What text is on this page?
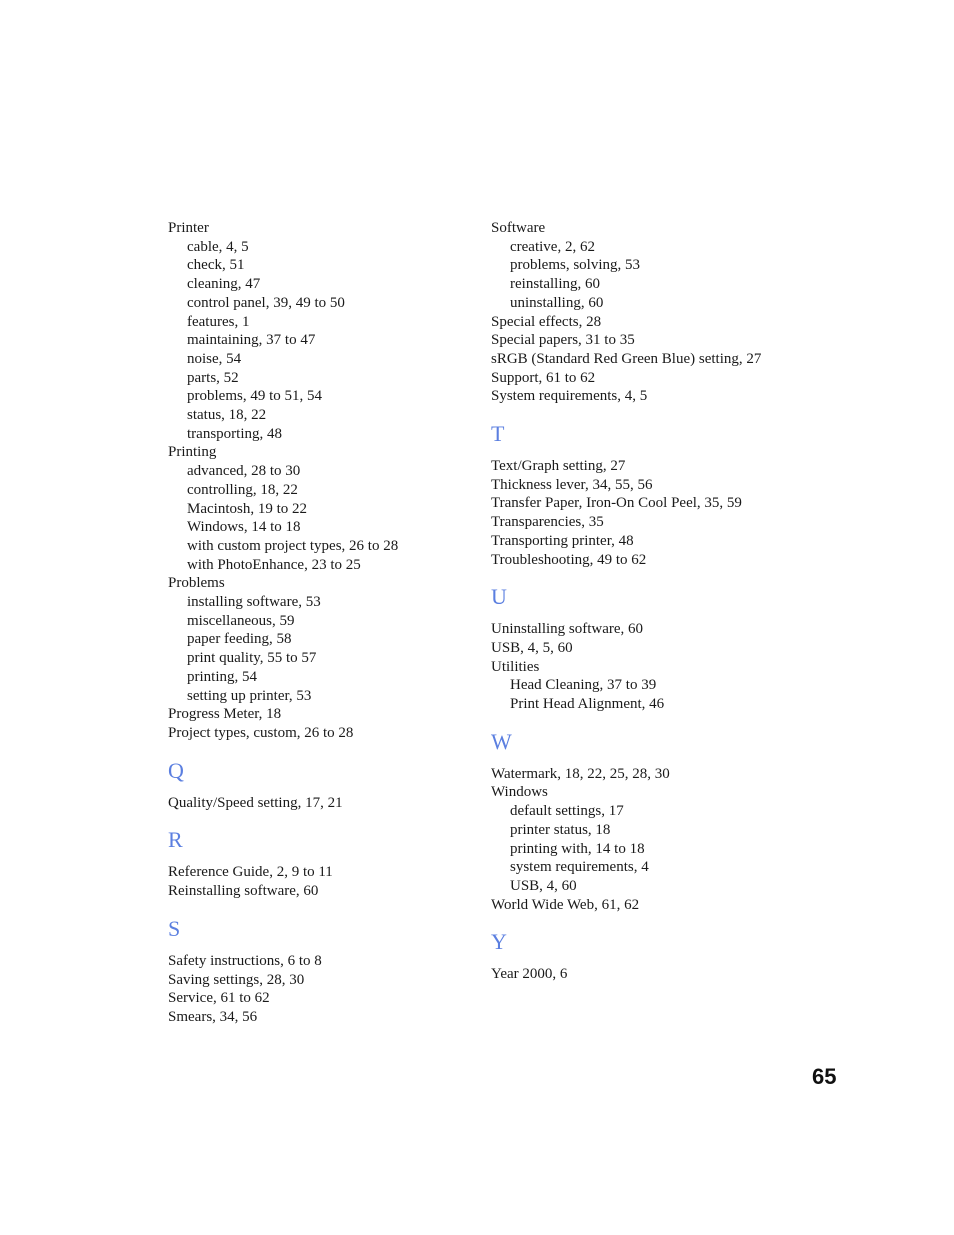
Printer
cable, 4, 5
check, 51
cleaning, 47
control panel, 39, 49 to 50
features, 1
maintaining, 37 to 47
noise, 54
parts, 52
problems, 49 to 51, 54
status, 18, 22
transporting, 48
Printing
advanced, 28 to 30
controlling, 18, 22
Macintosh, 19 to 22
Windows, 14 to 18
with custom project types, 26 to 28
with PhotoEnhance, 23 to 25
Problems
installing software, 53
miscellaneous, 59
paper feeding, 58
print quality, 55 to 57
printing, 54
setting up printer, 53
Progress Meter, 18
Project types, custom, 26 to 28
Q
Quality/Speed setting, 17, 21
R
Reference Guide, 2, 9 to 11
Reinstalling software, 60
S
Safety instructions, 6 to 8
Saving settings, 28, 30
Service, 61 to 62
Smears, 34, 56
Software
creative, 2, 62
problems, solving, 53
reinstalling, 60
uninstalling, 60
Special effects, 28
Special papers, 31 to 35
sRGB (Standard Red Green Blue) setting, 27
Support, 61 to 62
System requirements, 4, 5
T
Text/Graph setting, 27
Thickness lever, 34, 55, 56
Transfer Paper, Iron-On Cool Peel, 35, 59
Transparencies, 35
Transporting printer, 48
Troubleshooting, 49 to 62
U
Uninstalling software, 60
USB, 4, 5, 60
Utilities
Head Cleaning, 37 to 39
Print Head Alignment, 46
W
Watermark, 18, 22, 25, 28, 30
Windows
default settings, 17
printer status, 18
printing with, 14 to 18
system requirements, 4
USB, 4, 60
World Wide Web, 61, 62
Y
Year 2000, 6
65
